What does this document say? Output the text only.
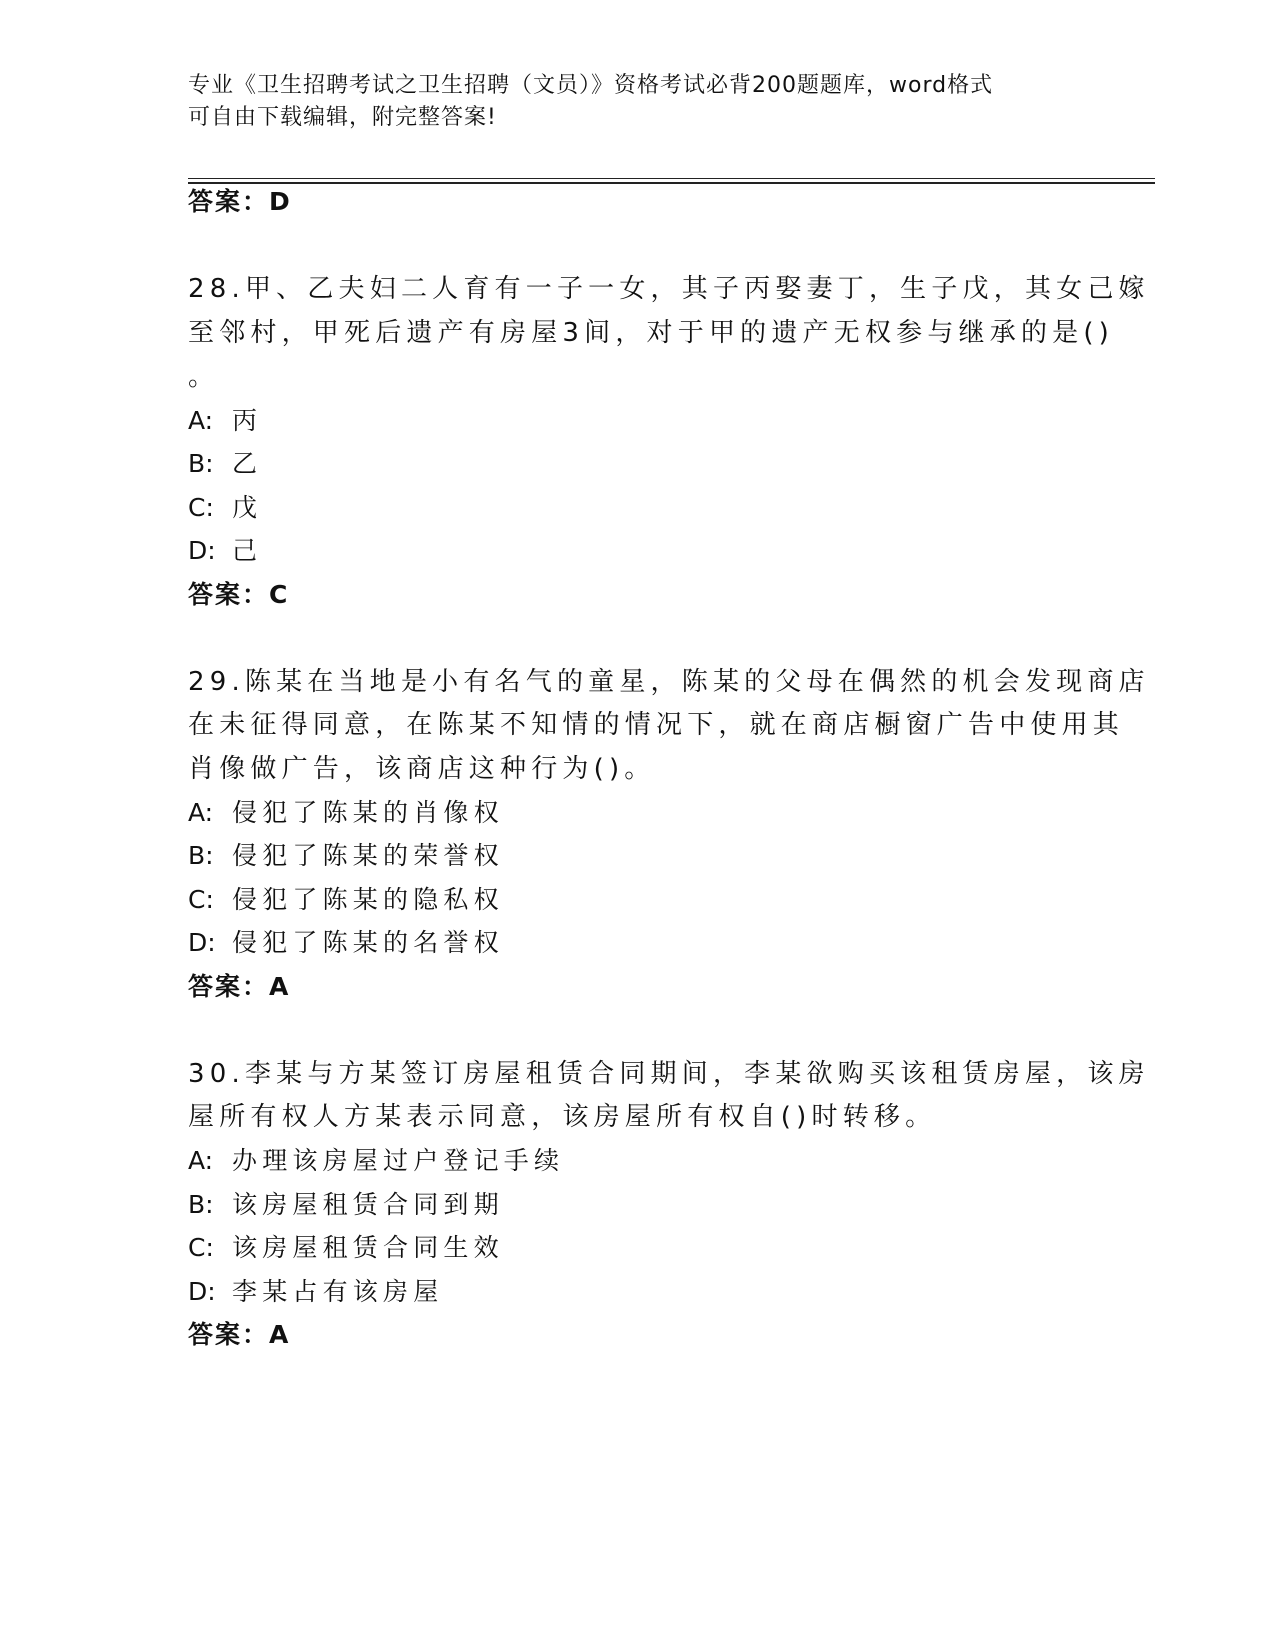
专业《卫生招聘考试之卫生招聘（文员）》资格考试必背200题题库，word格式
可自由下载编辑，附完整答案!
答案：D
28.甲、乙夫妇二人育有一子一女，其子丙娶妻丁，生子戊，其女己嫁
至邻村，甲死后遗产有房屋3间，对于甲的遗产无权参与继承的是()
。
A: 丙
B: 乙
C: 戊
D: 己
答案：C
29.陈某在当地是小有名气的童星，陈某的父母在偶然的机会发现商店
在未征得同意，在陈某不知情的情况下，就在商店橱窗广告中使用其
肖像做广告，该商店这种行为()。
A: 侵犯了陈某的肖像权
B: 侵犯了陈某的荣誉权
C: 侵犯了陈某的隐私权
D: 侵犯了陈某的名誉权
答案：A
30.李某与方某签订房屋租赁合同期间，李某欲购买该租赁房屋，该房
屋所有权人方某表示同意，该房屋所有权自()时转移。
A: 办理该房屋过户登记手续
B: 该房屋租赁合同到期
C: 该房屋租赁合同生效
D: 李某占有该房屋
答案：A
